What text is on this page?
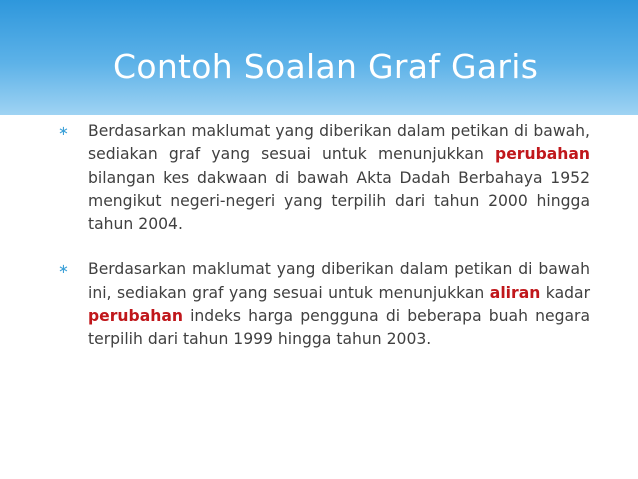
Contoh Soalan Graf Garis
∗ Berdasarkan maklumat yang diberikan dalam petikan di bawah, sediakan graf yang sesuai untuk menunjukkan perubahan bilangan kes dakwaan di bawah Akta Dadah Berbahaya 1952 mengikut negeri-negeri yang terpilih dari tahun 2000 hingga tahun 2004.
∗ Berdasarkan maklumat yang diberikan dalam petikan di bawah ini, sediakan graf yang sesuai untuk menunjukkan aliran kadar perubahan indeks harga pengguna di beberapa buah negara terpilih dari tahun 1999 hingga tahun 2003.
